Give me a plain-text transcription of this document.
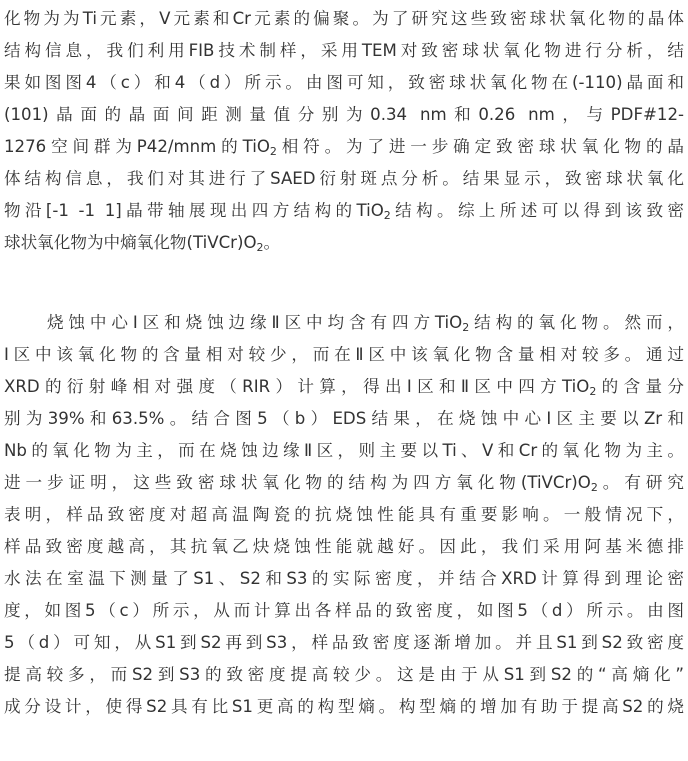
化物为为Ti元素，V元素和Cr元素的偏聚。为了研究这些致密球状氧化物的晶体
结构信息，我们利用FIB技术制样，采用TEM对致密球状氧化物进行分析，结
果如图图4（c）和4（d）所示。由图可知，致密球状氧化物在(-110)晶面和
(101)晶面的晶面间距测量值分别为0.34 nm和0.26 nm，与PDF#12-
1276空间群为P42/mnm的TiO$_2$相符。为了进一步确定致密球状氧化物的晶
体结构信息，我们对其进行了SAED衍射斑点分析。结果显示，致密球状氧化
物沿[-1 -1 1]晶带轴展现出四方结构的TiO$_2$结构。综上所述可以得到该致密
球状氧化物为中熵氧化物$(TiVCr)O_2$。
　　烧蚀中心Ⅰ区和烧蚀边缘Ⅱ区中均含有四方TiO$_2$结构的氧化物。然而，
Ⅰ区中该氧化物的含量相对较少，而在Ⅱ区中该氧化物含量相对较多。通过
XRD的衍射峰相对强度（RIR）计算，得出Ⅰ区和Ⅱ区中四方TiO$_2$的含量分
别为39%和63.5%。结合图5（b）EDS结果，在烧蚀中心Ⅰ区主要以Zr和
Nb的氧化物为主，而在烧蚀边缘Ⅱ区，则主要以Ti、V和Cr的氧化物为主。
进一步证明，这些致密球状氧化物的结构为四方氧化物$(TiVCr)O_2$。有研究
表明，样品致密度对超高温陶瓷的抗烧蚀性能具有重要影响。一般情况下，
样品致密度越高，其抗氧乙炔烧蚀性能就越好。因此，我们采用阿基米德排
水法在室温下测量了S1、S2和S3的实际密度，并结合XRD计算得到理论密
度，如图5（c）所示，从而计算出各样品的致密度，如图5（d）所示。由图
5（d）可知，从S1到S2再到S3，样品致密度逐渐增加。并且S1到S2致密度
提高较多，而S2到S3的致密度提高较少。这是由于从S1到S2的“高熵化”
成分设计，使得S2具有比S1更高的构型熵。构型熵的增加有助于提高S2的烧
